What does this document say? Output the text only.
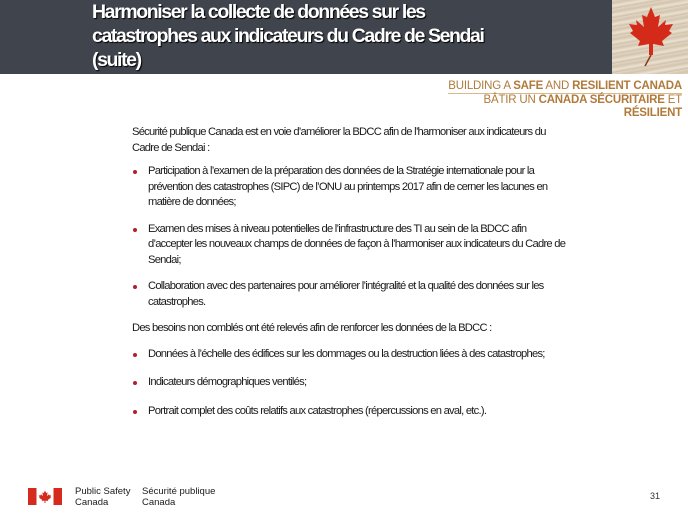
Harmoniser la collecte de données sur les
catastrophes aux indicateurs du Cadre de Sendai
(suite)
BUILDING A SAFE AND RESILIENT CANADA
BÂTIR UN CANADA SÉCURITAIRE ET RÉSILIENT

Sécurité publique Canada est en voie d’améliorer la BDCC afin de l’harmoniser aux indicateurs du Cadre de Sendai :

Participation à l’examen de la préparation des données de la Stratégie internationale pour la prévention des catastrophes (SIPC) de l’ONU au printemps 2017 afin de cerner les lacunes en matière de données;
Examen des mises à niveau potentielles de l’infrastructure des TI au sein de la BDCC afin d’accepter les nouveaux champs de données de façon à l’harmoniser aux indicateurs du Cadre de Sendai;
Collaboration avec des partenaires pour améliorer l’intégralité et la qualité des données sur les catastrophes.

Des besoins non comblés ont été relevés afin de renforcer les données de la BDCC :

Données à l’échelle des édifices sur les dommages ou la destruction liées à des catastrophes;
Indicateurs démographiques ventilés;
Portrait complet des coûts relatifs aux catastrophes (répercussions en aval, etc.).
Public Safety
Canada
Sécurité publique
Canada
31
